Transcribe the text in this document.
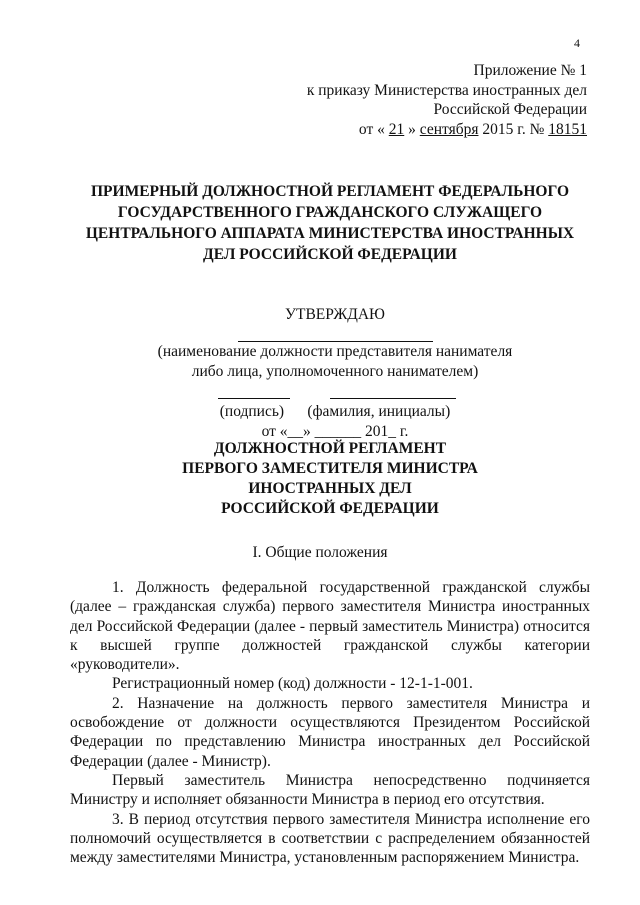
4
Приложение № 1
к приказу Министерства иностранных дел
Российской Федерации
от « 21 » сентября 2015 г. № 18151
ПРИМЕРНЫЙ ДОЛЖНОСТНОЙ РЕГЛАМЕНТ ФЕДЕРАЛЬНОГО ГОСУДАРСТВЕННОГО ГРАЖДАНСКОГО СЛУЖАЩЕГО ЦЕНТРАЛЬНОГО АППАРАТА МИНИСТЕРСТВА ИНОСТРАННЫХ ДЕЛ РОССИЙСКОЙ ФЕДЕРАЦИИ
УТВЕРЖДАЮ
(наименование должности представителя нанимателя
либо лица, уполномоченного нанимателем)
(подпись) (фамилия, инициалы)
от «__» ______ 201_ г.
ДОЛЖНОСТНОЙ РЕГЛАМЕНТ
ПЕРВОГО ЗАМЕСТИТЕЛЯ МИНИСТРА
ИНОСТРАННЫХ ДЕЛ
РОССИЙСКОЙ ФЕДЕРАЦИИ
I. Общие положения

1. Должность федеральной государственной гражданской службы (далее – гражданская служба) первого заместителя Министра иностранных дел Российской Федерации (далее - первый заместитель Министра) относится к высшей группе должностей гражданской службы категории «руководители».

Регистрационный номер (код) должности - 12-1-1-001.

2. Назначение на должность первого заместителя Министра и освобождение от должности осуществляются Президентом Российской Федерации по представлению Министра иностранных дел Российской Федерации (далее - Министр).

Первый заместитель Министра непосредственно подчиняется Министру и исполняет обязанности Министра в период его отсутствия.

3. В период отсутствия первого заместителя Министра исполнение его полномочий осуществляется в соответствии с распределением обязанностей между заместителями Министра, установленным распоряжением Министра.
